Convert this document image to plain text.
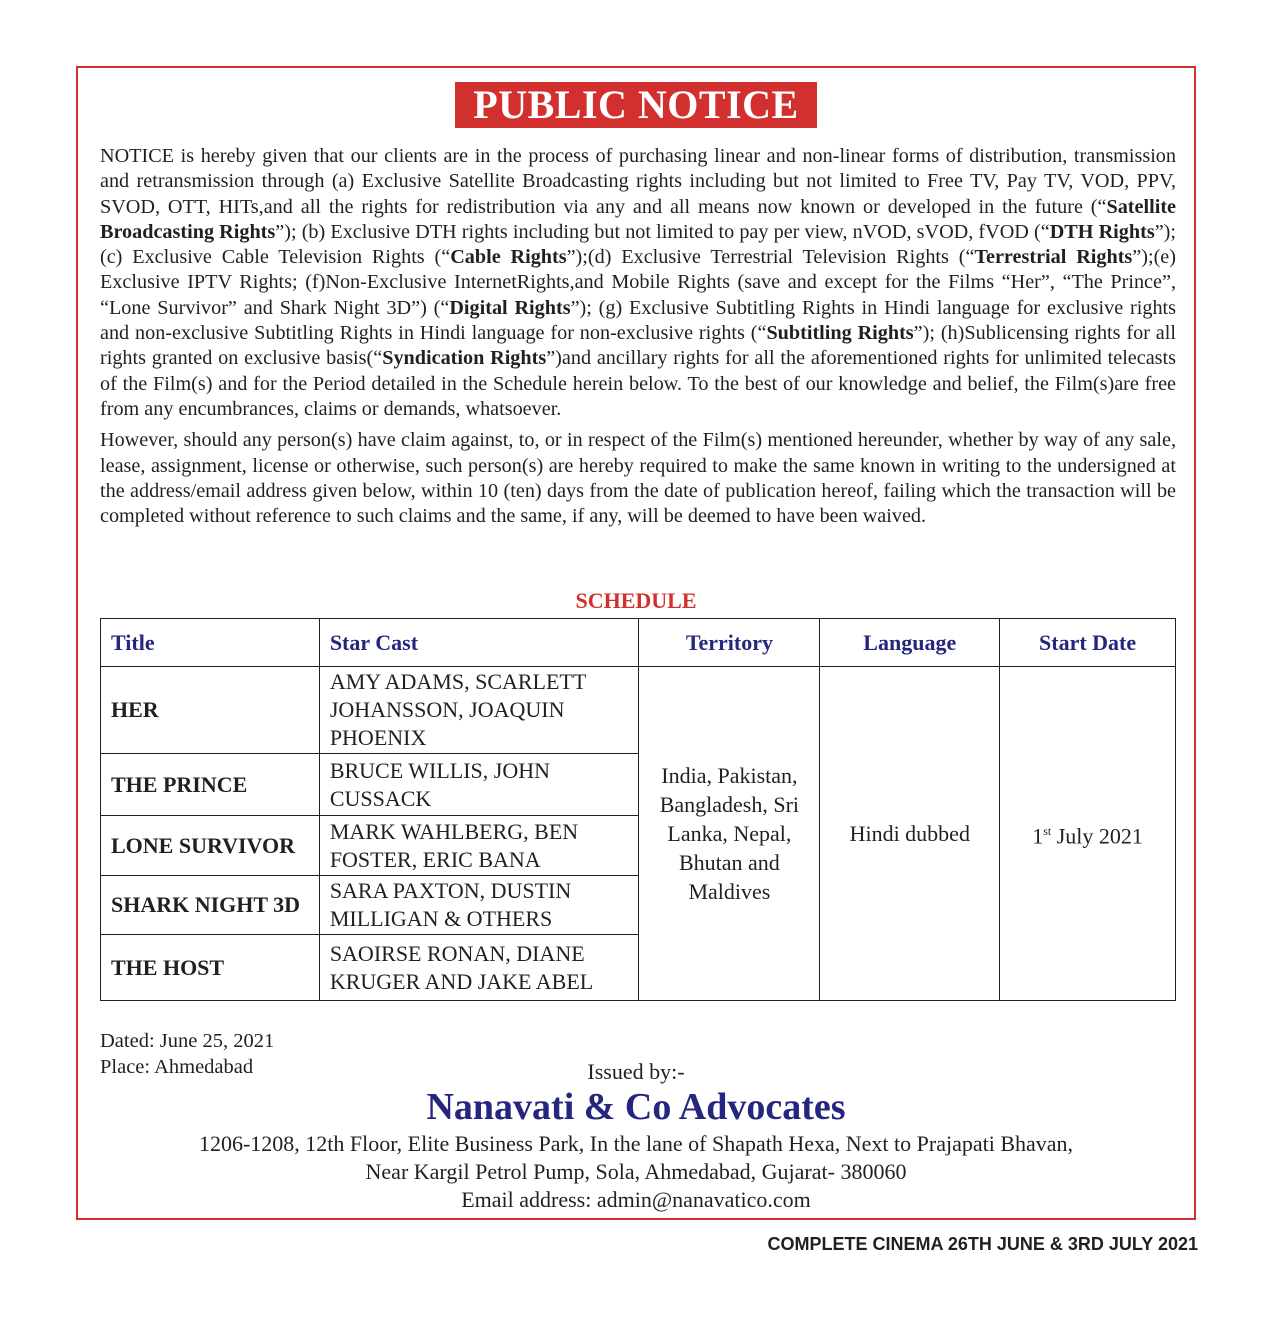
PUBLIC NOTICE

NOTICE is hereby given that our clients are in the process of purchasing linear and non-linear forms of distribution, transmission and retransmission through (a) Exclusive Satellite Broadcasting rights including but not limited to Free TV, Pay TV, VOD, PPV, SVOD, OTT, HITs,and all the rights for redistribution via any and all means now known or developed in the future (“Satellite Broadcasting Rights”); (b) Exclusive DTH rights including but not limited to pay per view, nVOD, sVOD, fVOD (“DTH Rights”); (c) Exclusive Cable Television Rights (“Cable Rights”);(d) Exclusive Terrestrial Television Rights (“Terrestrial Rights”);(e) Exclusive IPTV Rights; (f)Non-Exclusive InternetRights,and Mobile Rights (save and except for the Films “Her”, “The Prince”, “Lone Survivor” and Shark Night 3D”) (“Digital Rights”); (g) Exclusive Subtitling Rights in Hindi language for exclusive rights and non-exclusive Subtitling Rights in Hindi language for non-exclusive rights (“Subtitling Rights”); (h)Sublicensing rights for all rights granted on exclusive basis(“Syndication Rights”)and ancillary rights for all the aforementioned rights for unlimited telecasts of the Film(s) and for the Period detailed in the Schedule herein below. To the best of our knowledge and belief, the Film(s)are free from any encumbrances, claims or demands, whatsoever.

However, should any person(s) have claim against, to, or in respect of the Film(s) mentioned hereunder, whether by way of any sale, lease, assignment, license or otherwise, such person(s) are hereby required to make the same known in writing to the undersigned at the address/email address given below, within 10 (ten) days from the date of publication hereof, failing which the transaction will be completed without reference to such claims and the same, if any, will be deemed to have been waived.

SCHEDULE
Title	Star Cast	Territory	Language	Start Date
HER	AMY ADAMS, SCARLETT JOHANSSON, JOAQUIN PHOENIX	India, Pakistan, Bangladesh, Sri Lanka, Nepal, Bhutan and Maldives	Hindi dubbed	1st July 2021
THE PRINCE	BRUCE WILLIS, JOHN CUSSACK			
LONE SURVIVOR	MARK WAHLBERG, BEN FOSTER, ERIC BANA			
SHARK NIGHT 3D	SARA PAXTON, DUSTIN MILLIGAN & OTHERS			
THE HOST	SAOIRSE RONAN, DIANE KRUGER AND JAKE ABEL			
Dated: June 25, 2021
Place: Ahmedabad	Issued by:-
Nanavati & Co Advocates
1206-1208, 12th Floor, Elite Business Park, In the lane of Shapath Hexa, Next to Prajapati Bhavan,
Near Kargil Petrol Pump, Sola, Ahmedabad, Gujarat- 380060
Email address: admin@nanavatico.com
COMPLETE CINEMA 26TH JUNE & 3RD JULY 2021
